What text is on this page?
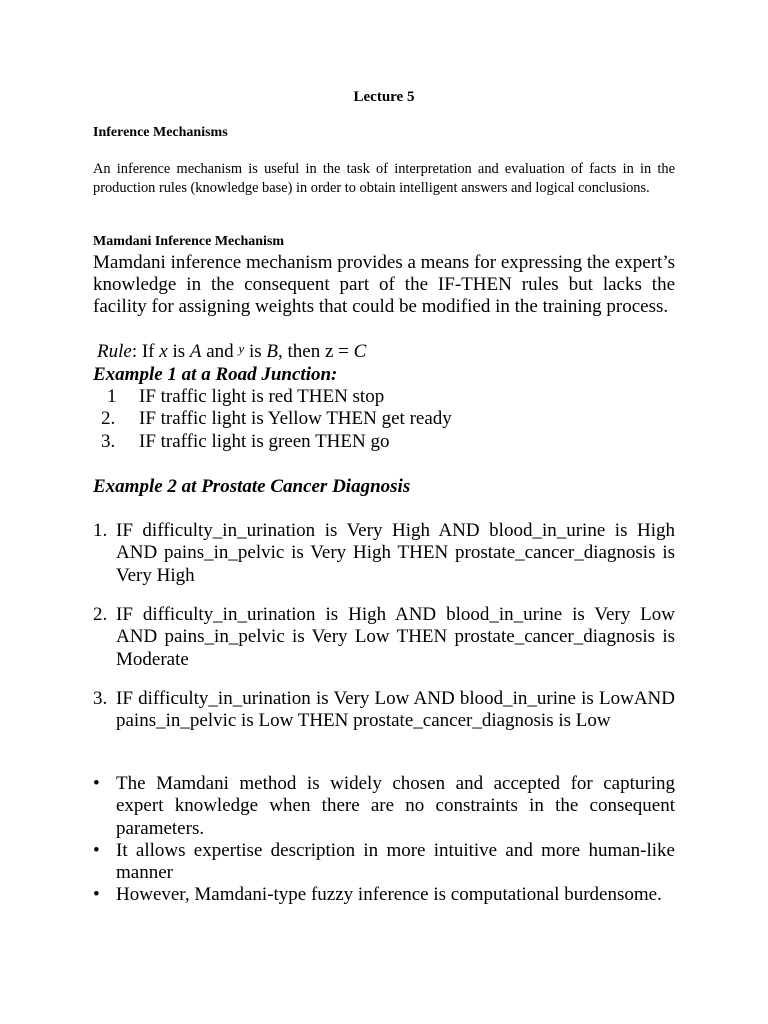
Lecture 5
Inference Mechanisms
An inference mechanism is useful in the task of interpretation and evaluation of facts in in the production rules (knowledge base) in order to obtain intelligent answers and logical conclusions.
Mamdani Inference Mechanism
Mamdani inference mechanism provides a means for expressing the expert’s knowledge in the consequent part of the IF-THEN rules but lacks the facility for assigning weights that could be modified in the training process.
Rule: If x is A and $^y$ is B, then z = C
Example 1 at a Road Junction:
1 IF traffic light is red THEN stop
2. IF traffic light is Yellow THEN get ready
3. IF traffic light is green THEN go
Example 2 at Prostate Cancer Diagnosis
1. IF difficulty_in_urination is Very High AND blood_in_urine is High AND pains_in_pelvic is Very High THEN prostate_cancer_diagnosis is Very High
2. IF difficulty_in_urination is High AND blood_in_urine is Very Low AND pains_in_pelvic is Very Low THEN prostate_cancer_diagnosis is Moderate
3. IF difficulty_in_urination is Very Low AND blood_in_urine is LowAND pains_in_pelvic is Low THEN prostate_cancer_diagnosis is Low
• The Mamdani method is widely chosen and accepted for capturing expert knowledge when there are no constraints in the consequent parameters.
• It allows expertise description in more intuitive and more human-like manner
• However, Mamdani-type fuzzy inference is computational burdensome.
